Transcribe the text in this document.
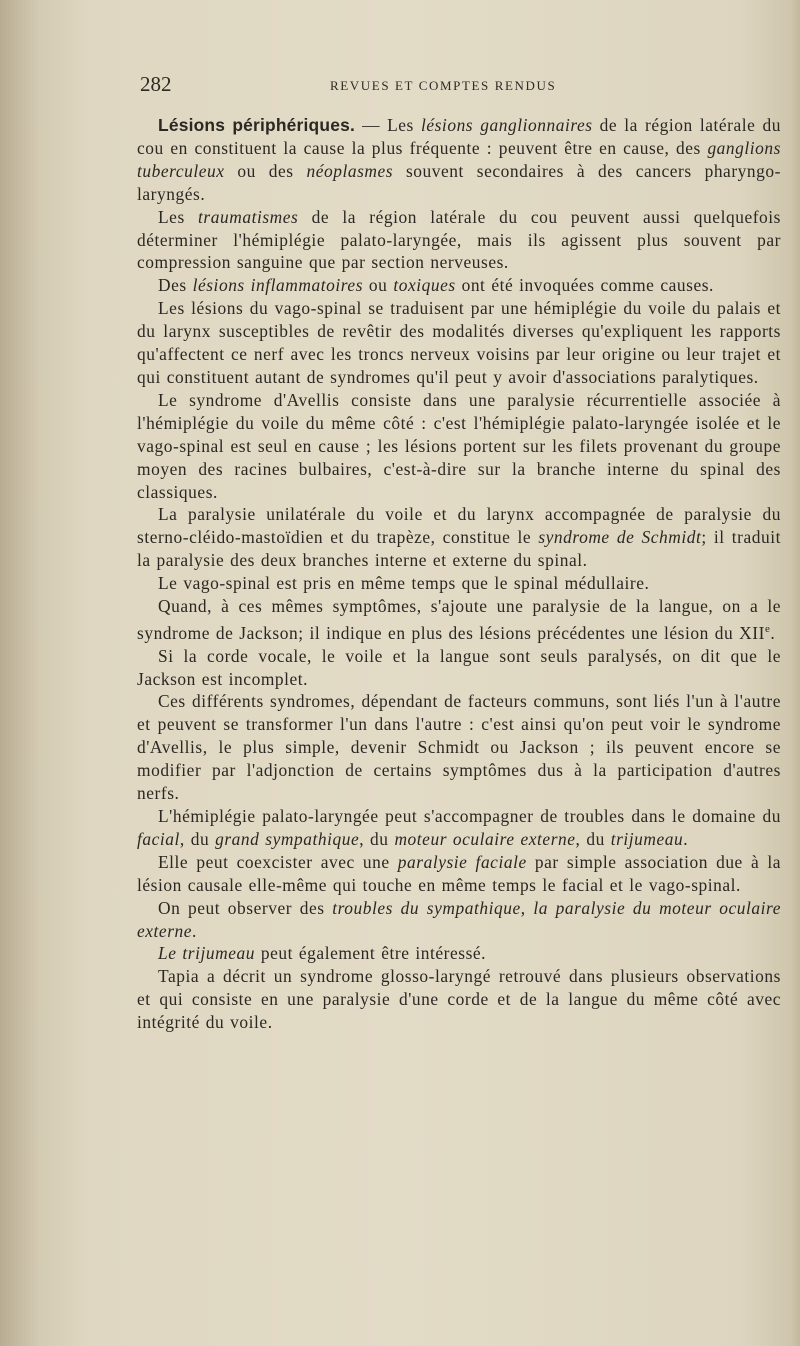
282	REVUES ET COMPTES RENDUS

Lésions périphériques. — Les lésions ganglionnaires de la région latérale du cou en constituent la cause la plus fréquente : peuvent être en cause, des ganglions tuberculeux ou des néoplasmes souvent secondaires à des cancers pharyngo-laryngés.

Les traumatismes de la région latérale du cou peuvent aussi quelquefois déterminer l'hémiplégie palato-laryngée, mais ils agissent plus souvent par compression sanguine que par section nerveuses.

Des lésions inflammatoires ou toxiques ont été invoquées comme causes.

Les lésions du vago-spinal se traduisent par une hémiplégie du voile du palais et du larynx susceptibles de revêtir des modalités diverses qu'expliquent les rapports qu'affectent ce nerf avec les troncs nerveux voisins par leur origine ou leur trajet et qui constituent autant de syndromes qu'il peut y avoir d'associations paralytiques.

Le syndrome d'Avellis consiste dans une paralysie récurrentielle associée à l'hémiplégie du voile du même côté : c'est l'hémiplégie palato-laryngée isolée et le vago-spinal est seul en cause ; les lésions portent sur les filets provenant du groupe moyen des racines bulbaires, c'est-à-dire sur la branche interne du spinal des classiques.

La paralysie unilatérale du voile et du larynx accompagnée de paralysie du sterno-cléido-mastoïdien et du trapèze, constitue le syndrome de Schmidt; il traduit la paralysie des deux branches interne et externe du spinal.

Le vago-spinal est pris en même temps que le spinal médullaire.

Quand, à ces mêmes symptômes, s'ajoute une paralysie de la langue, on a le syndrome de Jackson; il indique en plus des lésions précédentes une lésion du XIIe.

Si la corde vocale, le voile et la langue sont seuls paralysés, on dit que le Jackson est incomplet.

Ces différents syndromes, dépendant de facteurs communs, sont liés l'un à l'autre et peuvent se transformer l'un dans l'autre : c'est ainsi qu'on peut voir le syndrome d'Avellis, le plus simple, devenir Schmidt ou Jackson ; ils peuvent encore se modifier par l'adjonction de certains symptômes dus à la participation d'autres nerfs.

L'hémiplégie palato-laryngée peut s'accompagner de troubles dans le domaine du facial, du grand sympathique, du moteur oculaire externe, du trijumeau.

Elle peut coexcister avec une paralysie faciale par simple association due à la lésion causale elle-même qui touche en même temps le facial et le vago-spinal.

On peut observer des troubles du sympathique, la paralysie du moteur oculaire externe.

Le trijumeau peut également être intéressé.

Tapia a décrit un syndrome glosso-laryngé retrouvé dans plusieurs observations et qui consiste en une paralysie d'une corde et de la langue du même côté avec intégrité du voile.
